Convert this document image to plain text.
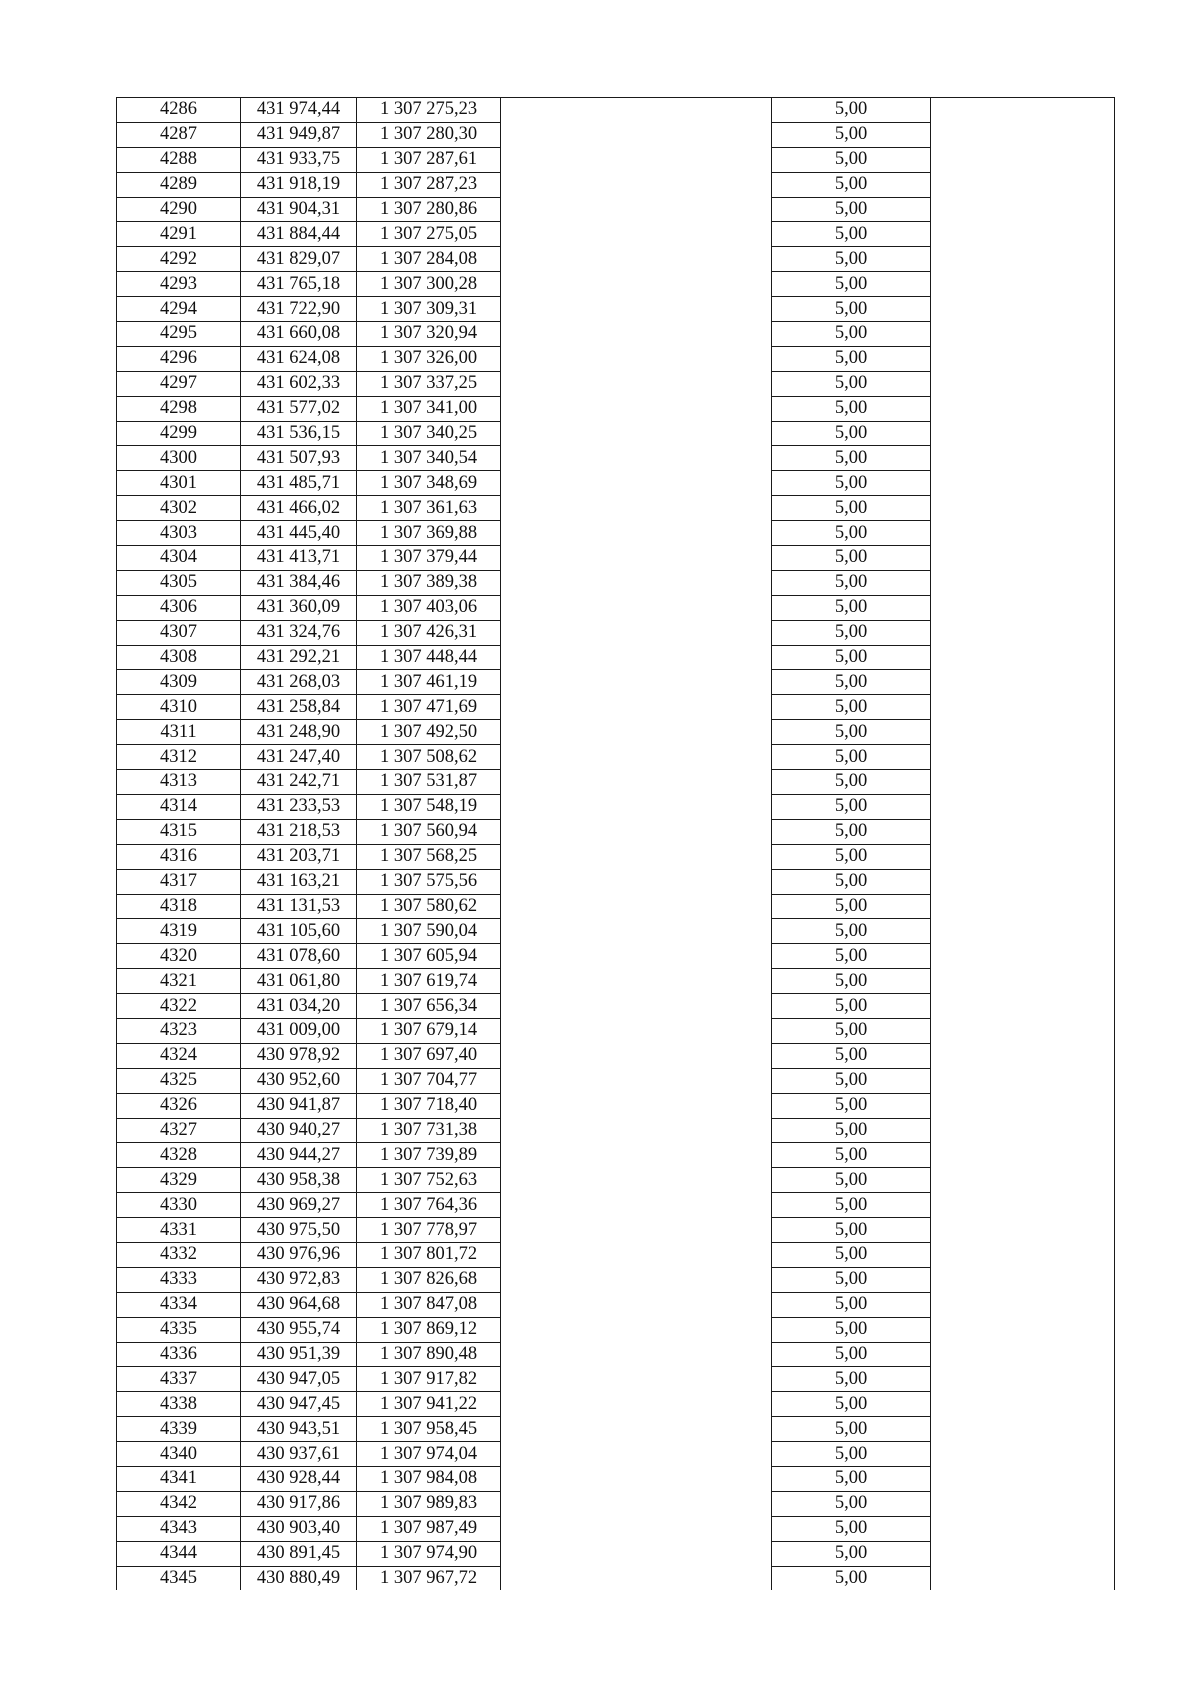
4286	431 974,44	1 307 275,23		5,00	
4287	431 949,87	1 307 280,30		5,00	
4288	431 933,75	1 307 287,61		5,00	
4289	431 918,19	1 307 287,23		5,00	
4290	431 904,31	1 307 280,86		5,00	
4291	431 884,44	1 307 275,05		5,00	
4292	431 829,07	1 307 284,08		5,00	
4293	431 765,18	1 307 300,28		5,00	
4294	431 722,90	1 307 309,31		5,00	
4295	431 660,08	1 307 320,94		5,00	
4296	431 624,08	1 307 326,00		5,00	
4297	431 602,33	1 307 337,25		5,00	
4298	431 577,02	1 307 341,00		5,00	
4299	431 536,15	1 307 340,25		5,00	
4300	431 507,93	1 307 340,54		5,00	
4301	431 485,71	1 307 348,69		5,00	
4302	431 466,02	1 307 361,63		5,00	
4303	431 445,40	1 307 369,88		5,00	
4304	431 413,71	1 307 379,44		5,00	
4305	431 384,46	1 307 389,38		5,00	
4306	431 360,09	1 307 403,06		5,00	
4307	431 324,76	1 307 426,31		5,00	
4308	431 292,21	1 307 448,44		5,00	
4309	431 268,03	1 307 461,19		5,00	
4310	431 258,84	1 307 471,69		5,00	
4311	431 248,90	1 307 492,50		5,00	
4312	431 247,40	1 307 508,62		5,00	
4313	431 242,71	1 307 531,87		5,00	
4314	431 233,53	1 307 548,19		5,00	
4315	431 218,53	1 307 560,94		5,00	
4316	431 203,71	1 307 568,25		5,00	
4317	431 163,21	1 307 575,56		5,00	
4318	431 131,53	1 307 580,62		5,00	
4319	431 105,60	1 307 590,04		5,00	
4320	431 078,60	1 307 605,94		5,00	
4321	431 061,80	1 307 619,74		5,00	
4322	431 034,20	1 307 656,34		5,00	
4323	431 009,00	1 307 679,14		5,00	
4324	430 978,92	1 307 697,40		5,00	
4325	430 952,60	1 307 704,77		5,00	
4326	430 941,87	1 307 718,40		5,00	
4327	430 940,27	1 307 731,38		5,00	
4328	430 944,27	1 307 739,89		5,00	
4329	430 958,38	1 307 752,63		5,00	
4330	430 969,27	1 307 764,36		5,00	
4331	430 975,50	1 307 778,97		5,00	
4332	430 976,96	1 307 801,72		5,00	
4333	430 972,83	1 307 826,68		5,00	
4334	430 964,68	1 307 847,08		5,00	
4335	430 955,74	1 307 869,12		5,00	
4336	430 951,39	1 307 890,48		5,00	
4337	430 947,05	1 307 917,82		5,00	
4338	430 947,45	1 307 941,22		5,00	
4339	430 943,51	1 307 958,45		5,00	
4340	430 937,61	1 307 974,04		5,00	
4341	430 928,44	1 307 984,08		5,00	
4342	430 917,86	1 307 989,83		5,00	
4343	430 903,40	1 307 987,49		5,00	
4344	430 891,45	1 307 974,90		5,00	
4345	430 880,49	1 307 967,72		5,00	
